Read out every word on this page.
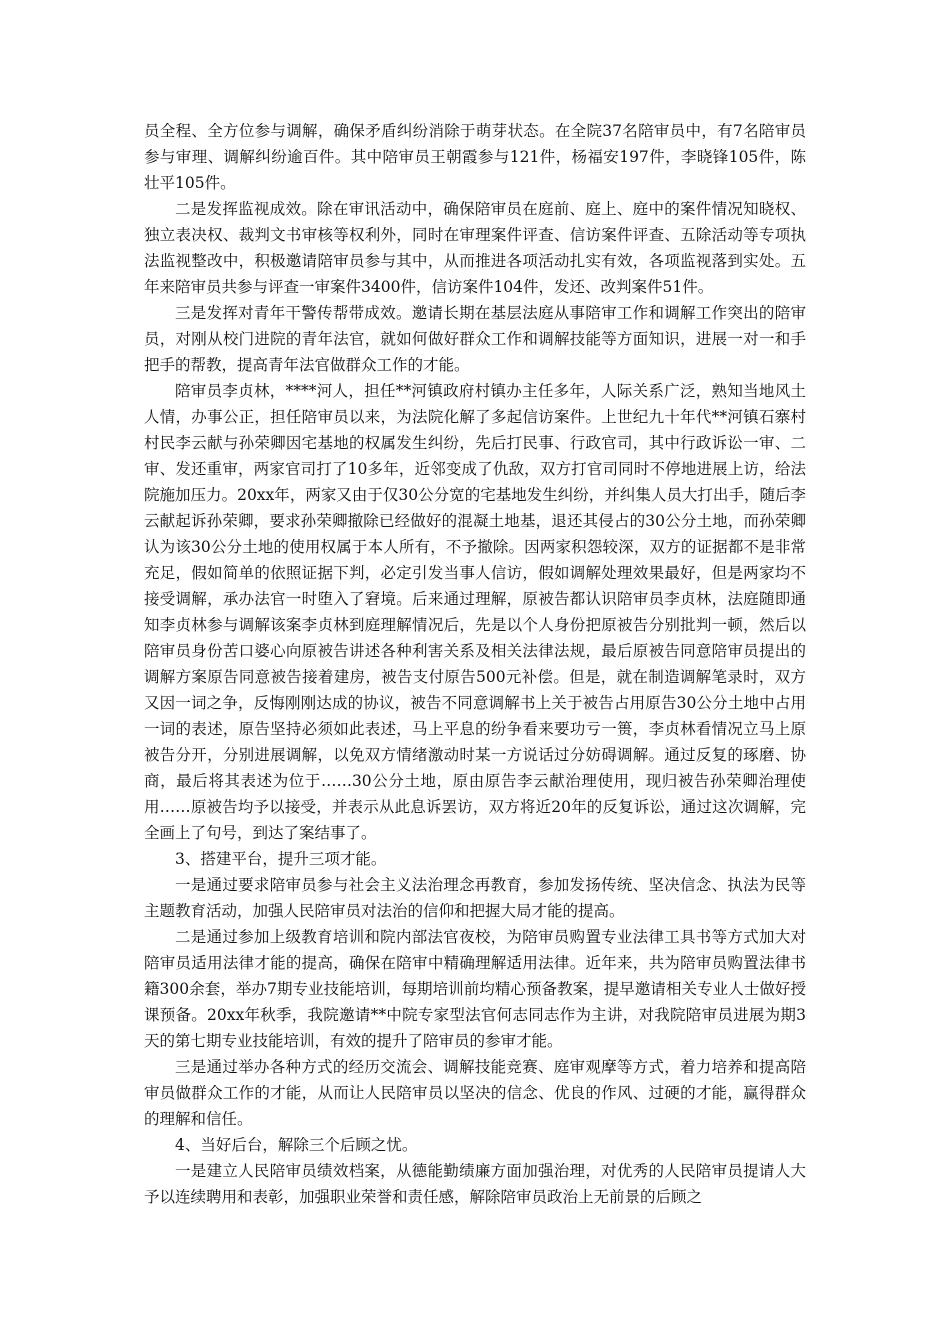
员全程、全方位参与调解，确保矛盾纠纷消除于萌芽状态。在全院37名陪审员中，有7名陪审员参与审理、调解纠纷逾百件。其中陪审员王朝霞参与121件，杨福安197件，李晓锋105件，陈壮平105件。

二是发挥监视成效。除在审讯活动中，确保陪审员在庭前、庭上、庭中的案件情况知晓权、独立表决权、裁判文书审核等权利外，同时在审理案件评查、信访案件评查、五除活动等专项执法监视整改中，积极邀请陪审员参与其中，从而推进各项活动扎实有效，各项监视落到实处。五年来陪审员共参与评查一审案件3400件，信访案件104件，发还、改判案件51件。

三是发挥对青年干警传帮带成效。邀请长期在基层法庭从事陪审工作和调解工作突出的陪审员，对刚从校门进院的青年法官，就如何做好群众工作和调解技能等方面知识，进展一对一和手把手的帮教，提高青年法官做群众工作的才能。

陪审员李贞林，****河人，担任**河镇政府村镇办主任多年，人际关系广泛，熟知当地风土人情，办事公正，担任陪审员以来，为法院化解了多起信访案件。上世纪九十年代**河镇石寨村村民李云献与孙荣卿因宅基地的权属发生纠纷，先后打民事、行政官司，其中行政诉讼一审、二审、发还重审，两家官司打了10多年，近邻变成了仇敌，双方打官司同时不停地进展上访，给法院施加压力。20xx年，两家又由于仅30公分宽的宅基地发生纠纷，并纠集人员大打出手，随后李云献起诉孙荣卿，要求孙荣卿撤除已经做好的混凝土地基，退还其侵占的30公分土地，而孙荣卿认为该30公分土地的使用权属于本人所有，不予撤除。因两家积怨较深，双方的证据都不是非常充足，假如简单的依照证据下判，必定引发当事人信访，假如调解处理效果最好，但是两家均不接受调解，承办法官一时堕入了窘境。后来通过理解，原被告都认识陪审员李贞林，法庭随即通知李贞林参与调解该案李贞林到庭理解情况后，先是以个人身份把原被告分别批判一顿，然后以陪审员身份苦口婆心向原被告讲述各种利害关系及相关法律法规，最后原被告同意陪审员提出的调解方案原告同意被告接着建房，被告支付原告500元补偿。但是，就在制造调解笔录时，双方又因一词之争，反悔刚刚达成的协议，被告不同意调解书上关于被告占用原告30公分土地中占用一词的表述，原告坚持必须如此表述，马上平息的纷争看来要功亏一篑，李贞林看情况立马上原被告分开，分别进展调解，以免双方情绪激动时某一方说话过分妨碍调解。通过反复的琢磨、协商，最后将其表述为位于……30公分土地，原由原告李云献治理使用，现归被告孙荣卿治理使用……原被告均予以接受，并表示从此息诉罢访，双方将近20年的反复诉讼，通过这次调解，完全画上了句号，到达了案结事了。

3、搭建平台，提升三项才能。

一是通过要求陪审员参与社会主义法治理念再教育，参加发扬传统、坚决信念、执法为民等主题教育活动，加强人民陪审员对法治的信仰和把握大局才能的提高。

二是通过参加上级教育培训和院内部法官夜校，为陪审员购置专业法律工具书等方式加大对陪审员适用法律才能的提高，确保在陪审中精确理解适用法律。近年来，共为陪审员购置法律书籍300余套，举办7期专业技能培训，每期培训前均精心预备教案，提早邀请相关专业人士做好授课预备。20xx年秋季，我院邀请**中院专家型法官何志同志作为主讲，对我院陪审员进展为期3天的第七期专业技能培训，有效的提升了陪审员的参审才能。

三是通过举办各种方式的经历交流会、调解技能竞赛、庭审观摩等方式，着力培养和提高陪审员做群众工作的才能，从而让人民陪审员以坚决的信念、优良的作风、过硬的才能，赢得群众的理解和信任。

4、当好后台，解除三个后顾之忧。

一是建立人民陪审员绩效档案，从德能勤绩廉方面加强治理，对优秀的人民陪审员提请人大予以连续聘用和表彰，加强职业荣誉和责任感，解除陪审员政治上无前景的后顾之
